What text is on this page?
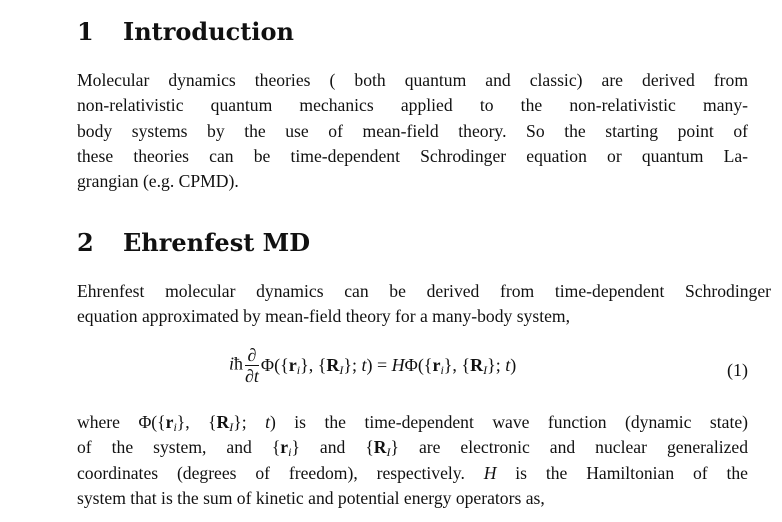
1 Introduction

Molecular dynamics theories ( both quantum and classic) are derived from
non-relativistic quantum mechanics applied to the non-relativistic many-
body systems by the use of mean-field theory. So the starting point of
these theories can be time-dependent Schrodinger equation or quantum La-
grangian (e.g. CPMD).

2 Ehrenfest MD

Ehrenfest molecular dynamics can be derived from time-dependent Schrodinger
equation approximated by mean-field theory for a many-body system,

iħ $\frac{\partial}{\partial t} \Phi(\{r_i\}$, $\{R_I\}$; $t) = H\Phi(\{r_i\}$, $\{R_I\}$; t)	(1)

where $\Phi(\{r_i\}$, $\{R_I\}$; t) is the time-dependent wave function (dynamic state)
of the system, and $\{r_i\}$ and $\{R_I\}$ are electronic and nuclear generalized
coordinates (degrees of freedom), respectively. H is the Hamiltonian of the
system that is the sum of kinetic and potential energy operators as,
